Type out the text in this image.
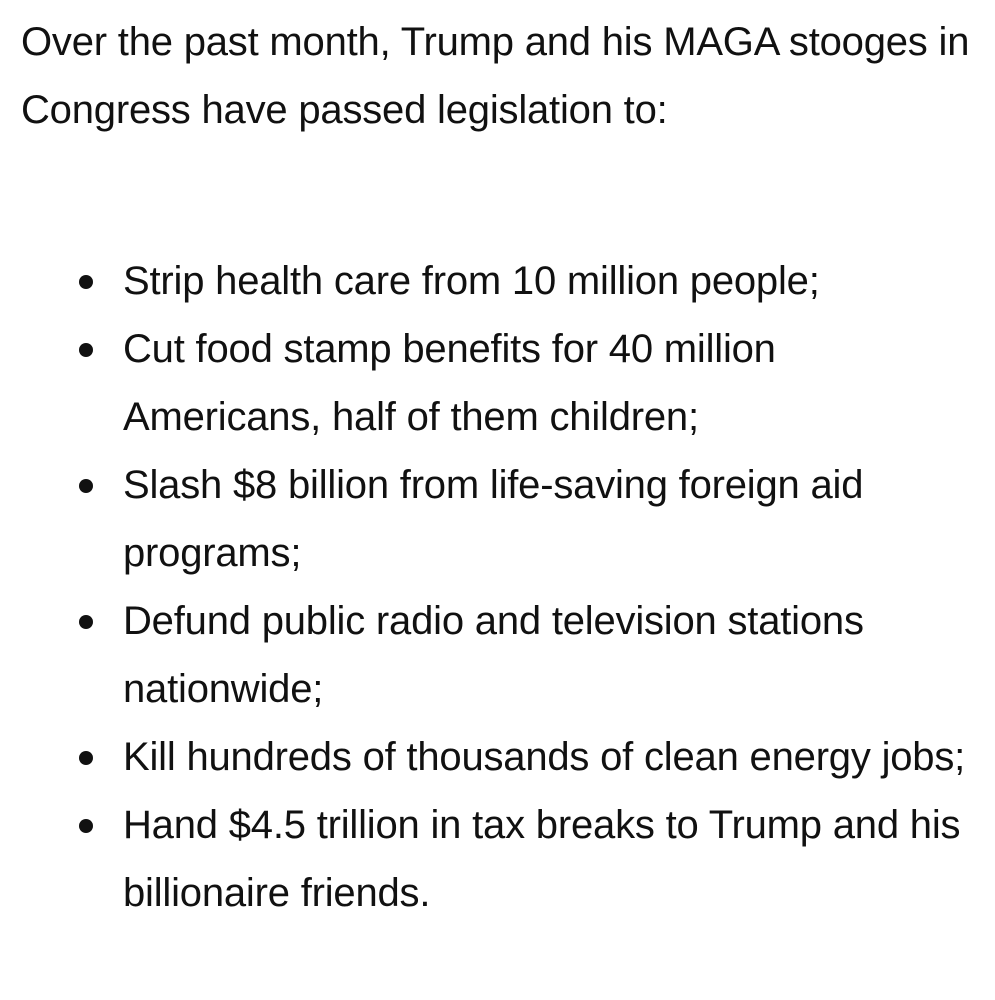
Over the past month, Trump and his MAGA stooges in Congress have passed legislation to:

Strip health care from 10 million people;
Cut food stamp benefits for 40 million Americans, half of them children;
Slash $8 billion from life-saving foreign aid programs;
Defund public radio and television stations nationwide;
Kill hundreds of thousands of clean energy jobs;
Hand $4.5 trillion in tax breaks to Trump and his billionaire friends.
